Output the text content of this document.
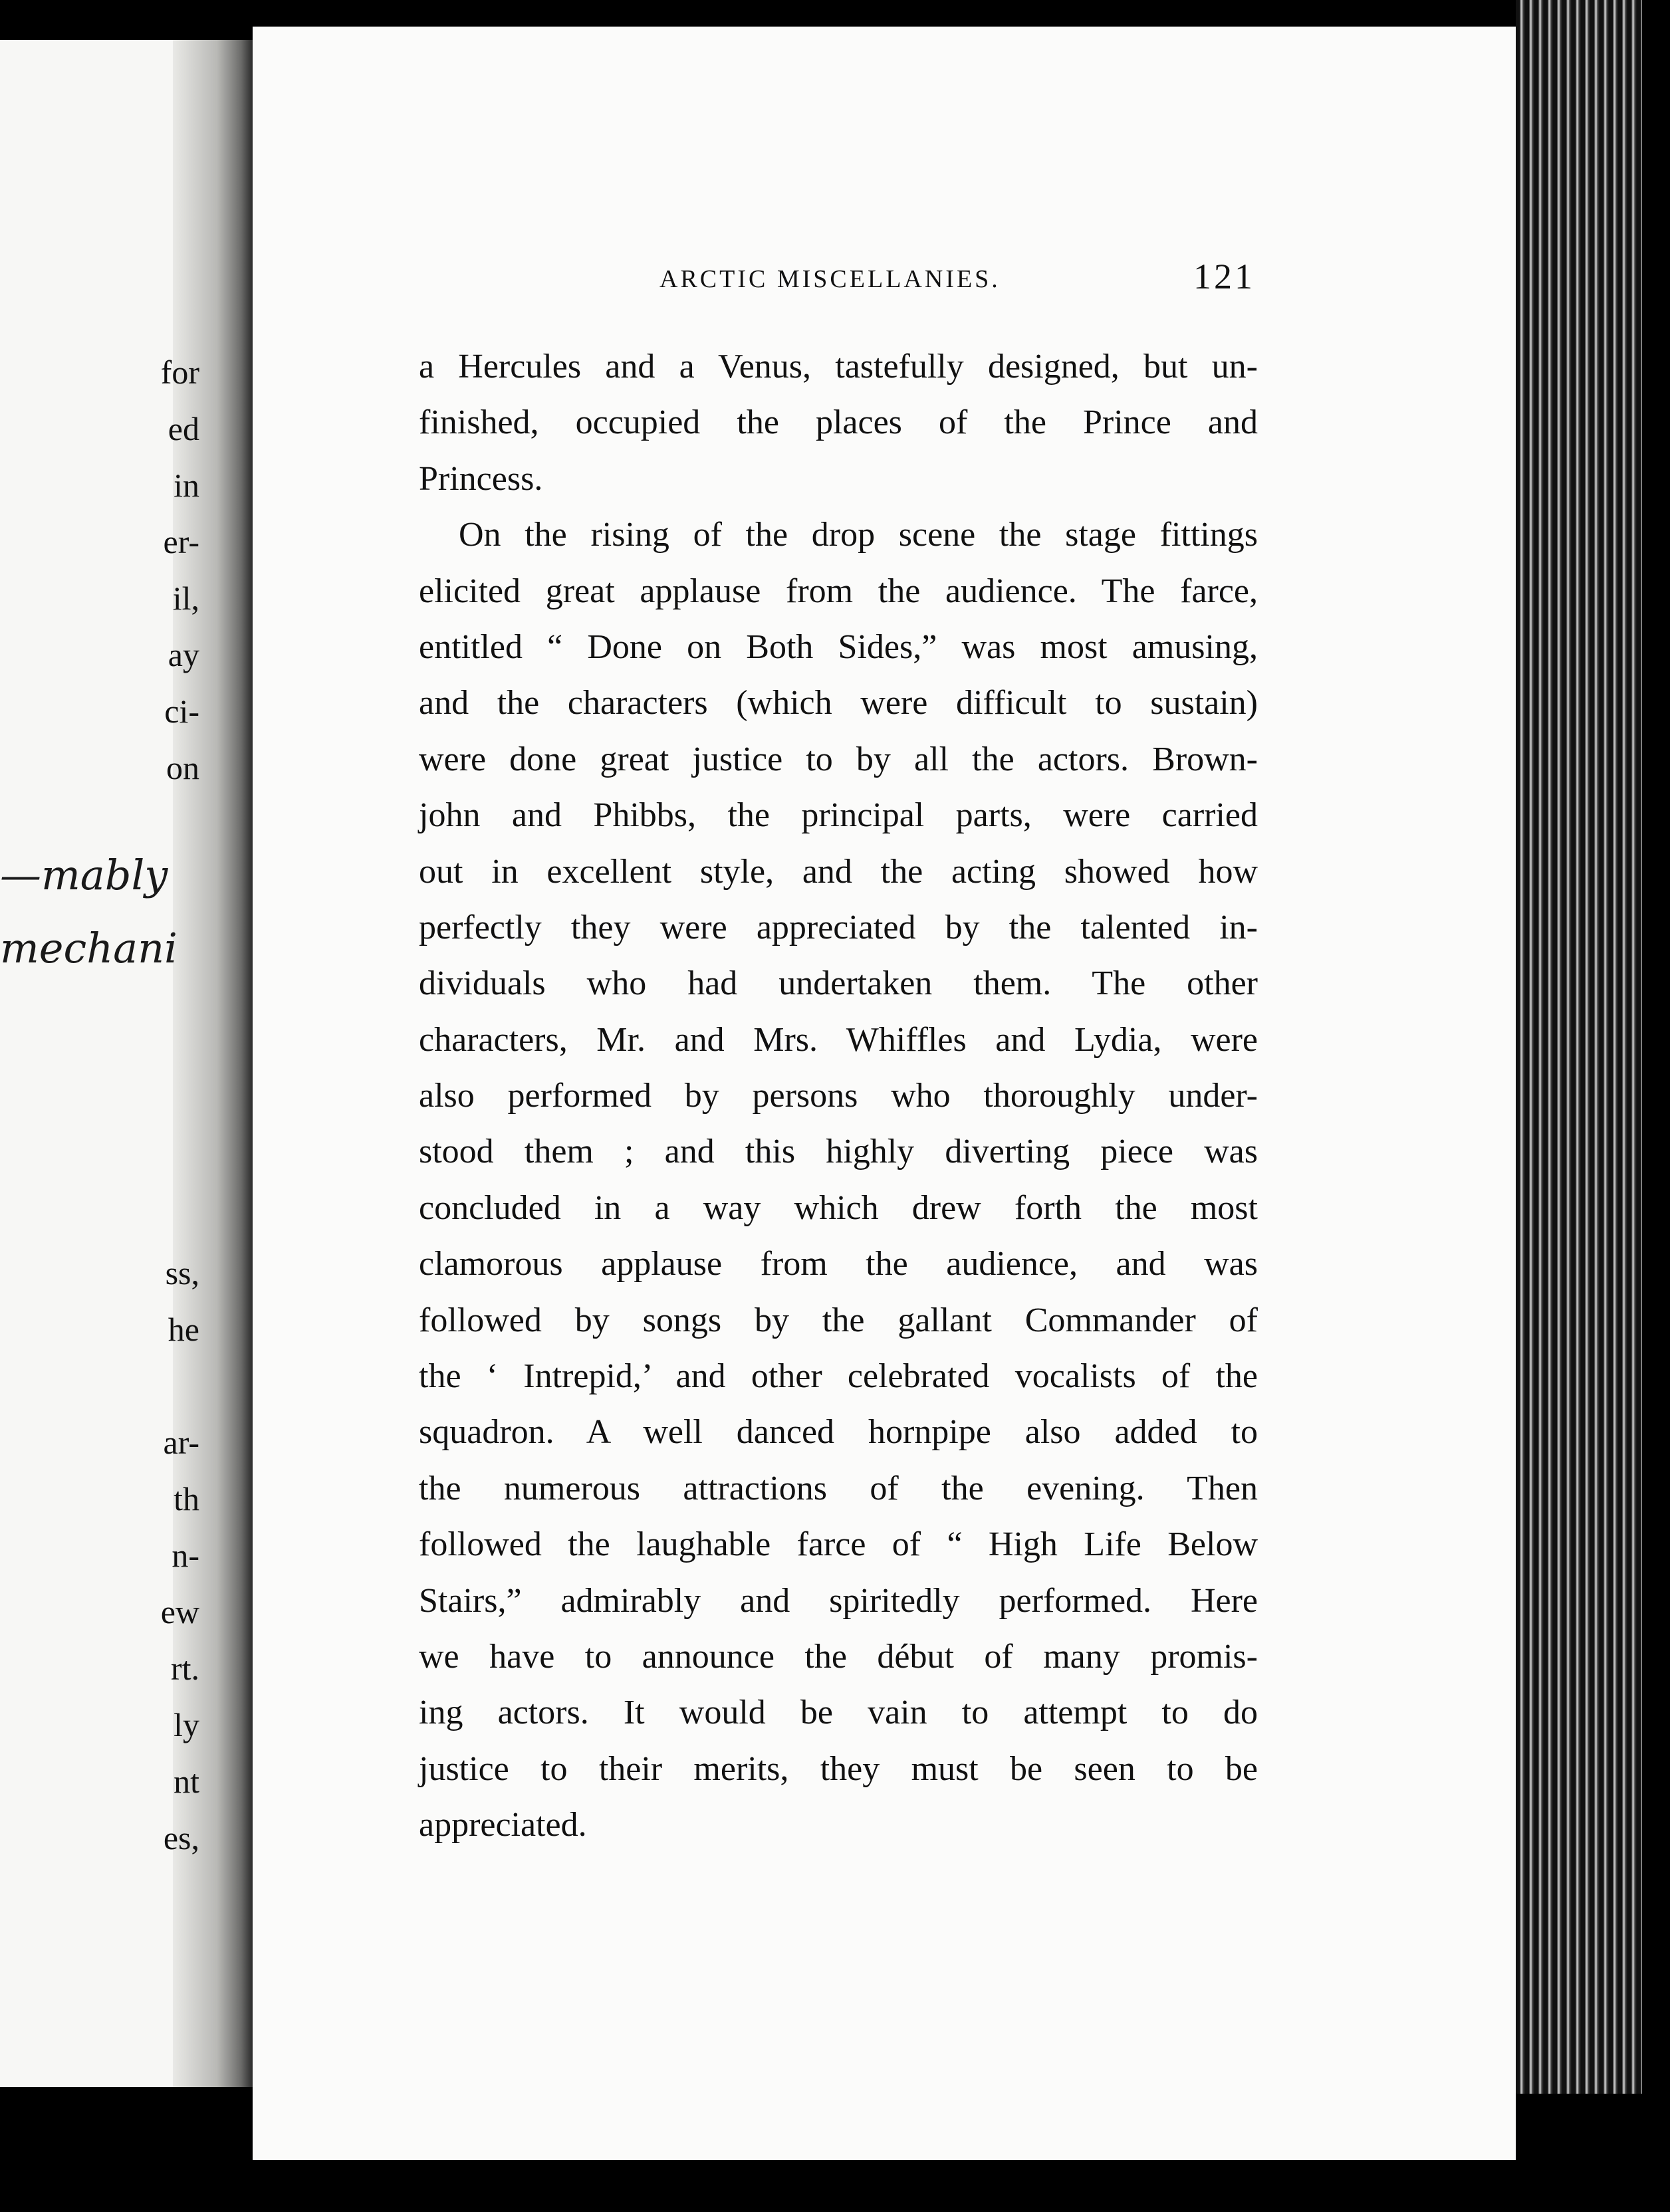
for
ed
in
er-
il,
ay
ci-
on
—mably
mechani
ss,
he
ar-
th
n-
ew
rt.
ly
nt
es,
ARCTIC MISCELLANIES.	121
a Hercules and a Venus, tastefully designed, but un-
finished, occupied the places of the Prince and
Princess.
On the rising of the drop scene the stage fittings
elicited great applause from the audience. The farce,
entitled “ Done on Both Sides,” was most amusing,
and the characters (which were difficult to sustain)
were done great justice to by all the actors. Brown-
john and Phibbs, the principal parts, were carried
out in excellent style, and the acting showed how
perfectly they were appreciated by the talented in-
dividuals who had undertaken them. The other
characters, Mr. and Mrs. Whiffles and Lydia, were
also performed by persons who thoroughly under-
stood them ; and this highly diverting piece was
concluded in a way which drew forth the most
clamorous applause from the audience, and was
followed by songs by the gallant Commander of
the ‘ Intrepid,’ and other celebrated vocalists of the
squadron. A well danced hornpipe also added to
the numerous attractions of the evening. Then
followed the laughable farce of “ High Life Below
Stairs,” admirably and spiritedly performed. Here
we have to announce the début of many promis-
ing actors. It would be vain to attempt to do
justice to their merits, they must be seen to be
appreciated.
